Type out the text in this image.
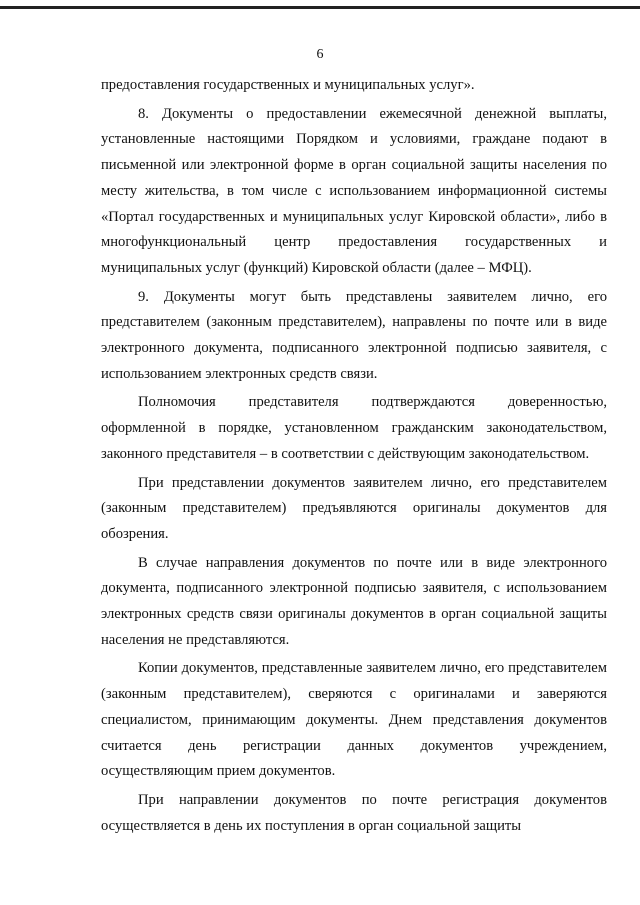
6

предоставления государственных и муниципальных услуг».

8. Документы о предоставлении ежемесячной денежной выплаты, установленные настоящими Порядком и условиями, граждане подают в письменной или электронной форме в орган социальной защиты населения по месту жительства, в том числе с использованием информационной системы «Портал государственных и муниципальных услуг Кировской области», либо в многофункциональный центр предоставления государственных и муниципальных услуг (функций) Кировской области (далее – МФЦ).

9. Документы могут быть представлены заявителем лично, его представителем (законным представителем), направлены по почте или в виде электронного документа, подписанного электронной подписью заявителя, с использованием электронных средств связи.

Полномочия представителя подтверждаются доверенностью, оформленной в порядке, установленном гражданским законодательством, законного представителя – в соответствии с действующим законодательством.

При представлении документов заявителем лично, его представителем (законным представителем) предъявляются оригиналы документов для обозрения.

В случае направления документов по почте или в виде электронного документа, подписанного электронной подписью заявителя, с использованием электронных средств связи оригиналы документов в орган социальной защиты населения не представляются.

Копии документов, представленные заявителем лично, его представителем (законным представителем), сверяются с оригиналами и заверяются специалистом, принимающим документы. Днем представления документов считается день регистрации данных документов учреждением, осуществляющим прием документов.

При направлении документов по почте регистрация документов осуществляется в день их поступления в орган социальной защиты
